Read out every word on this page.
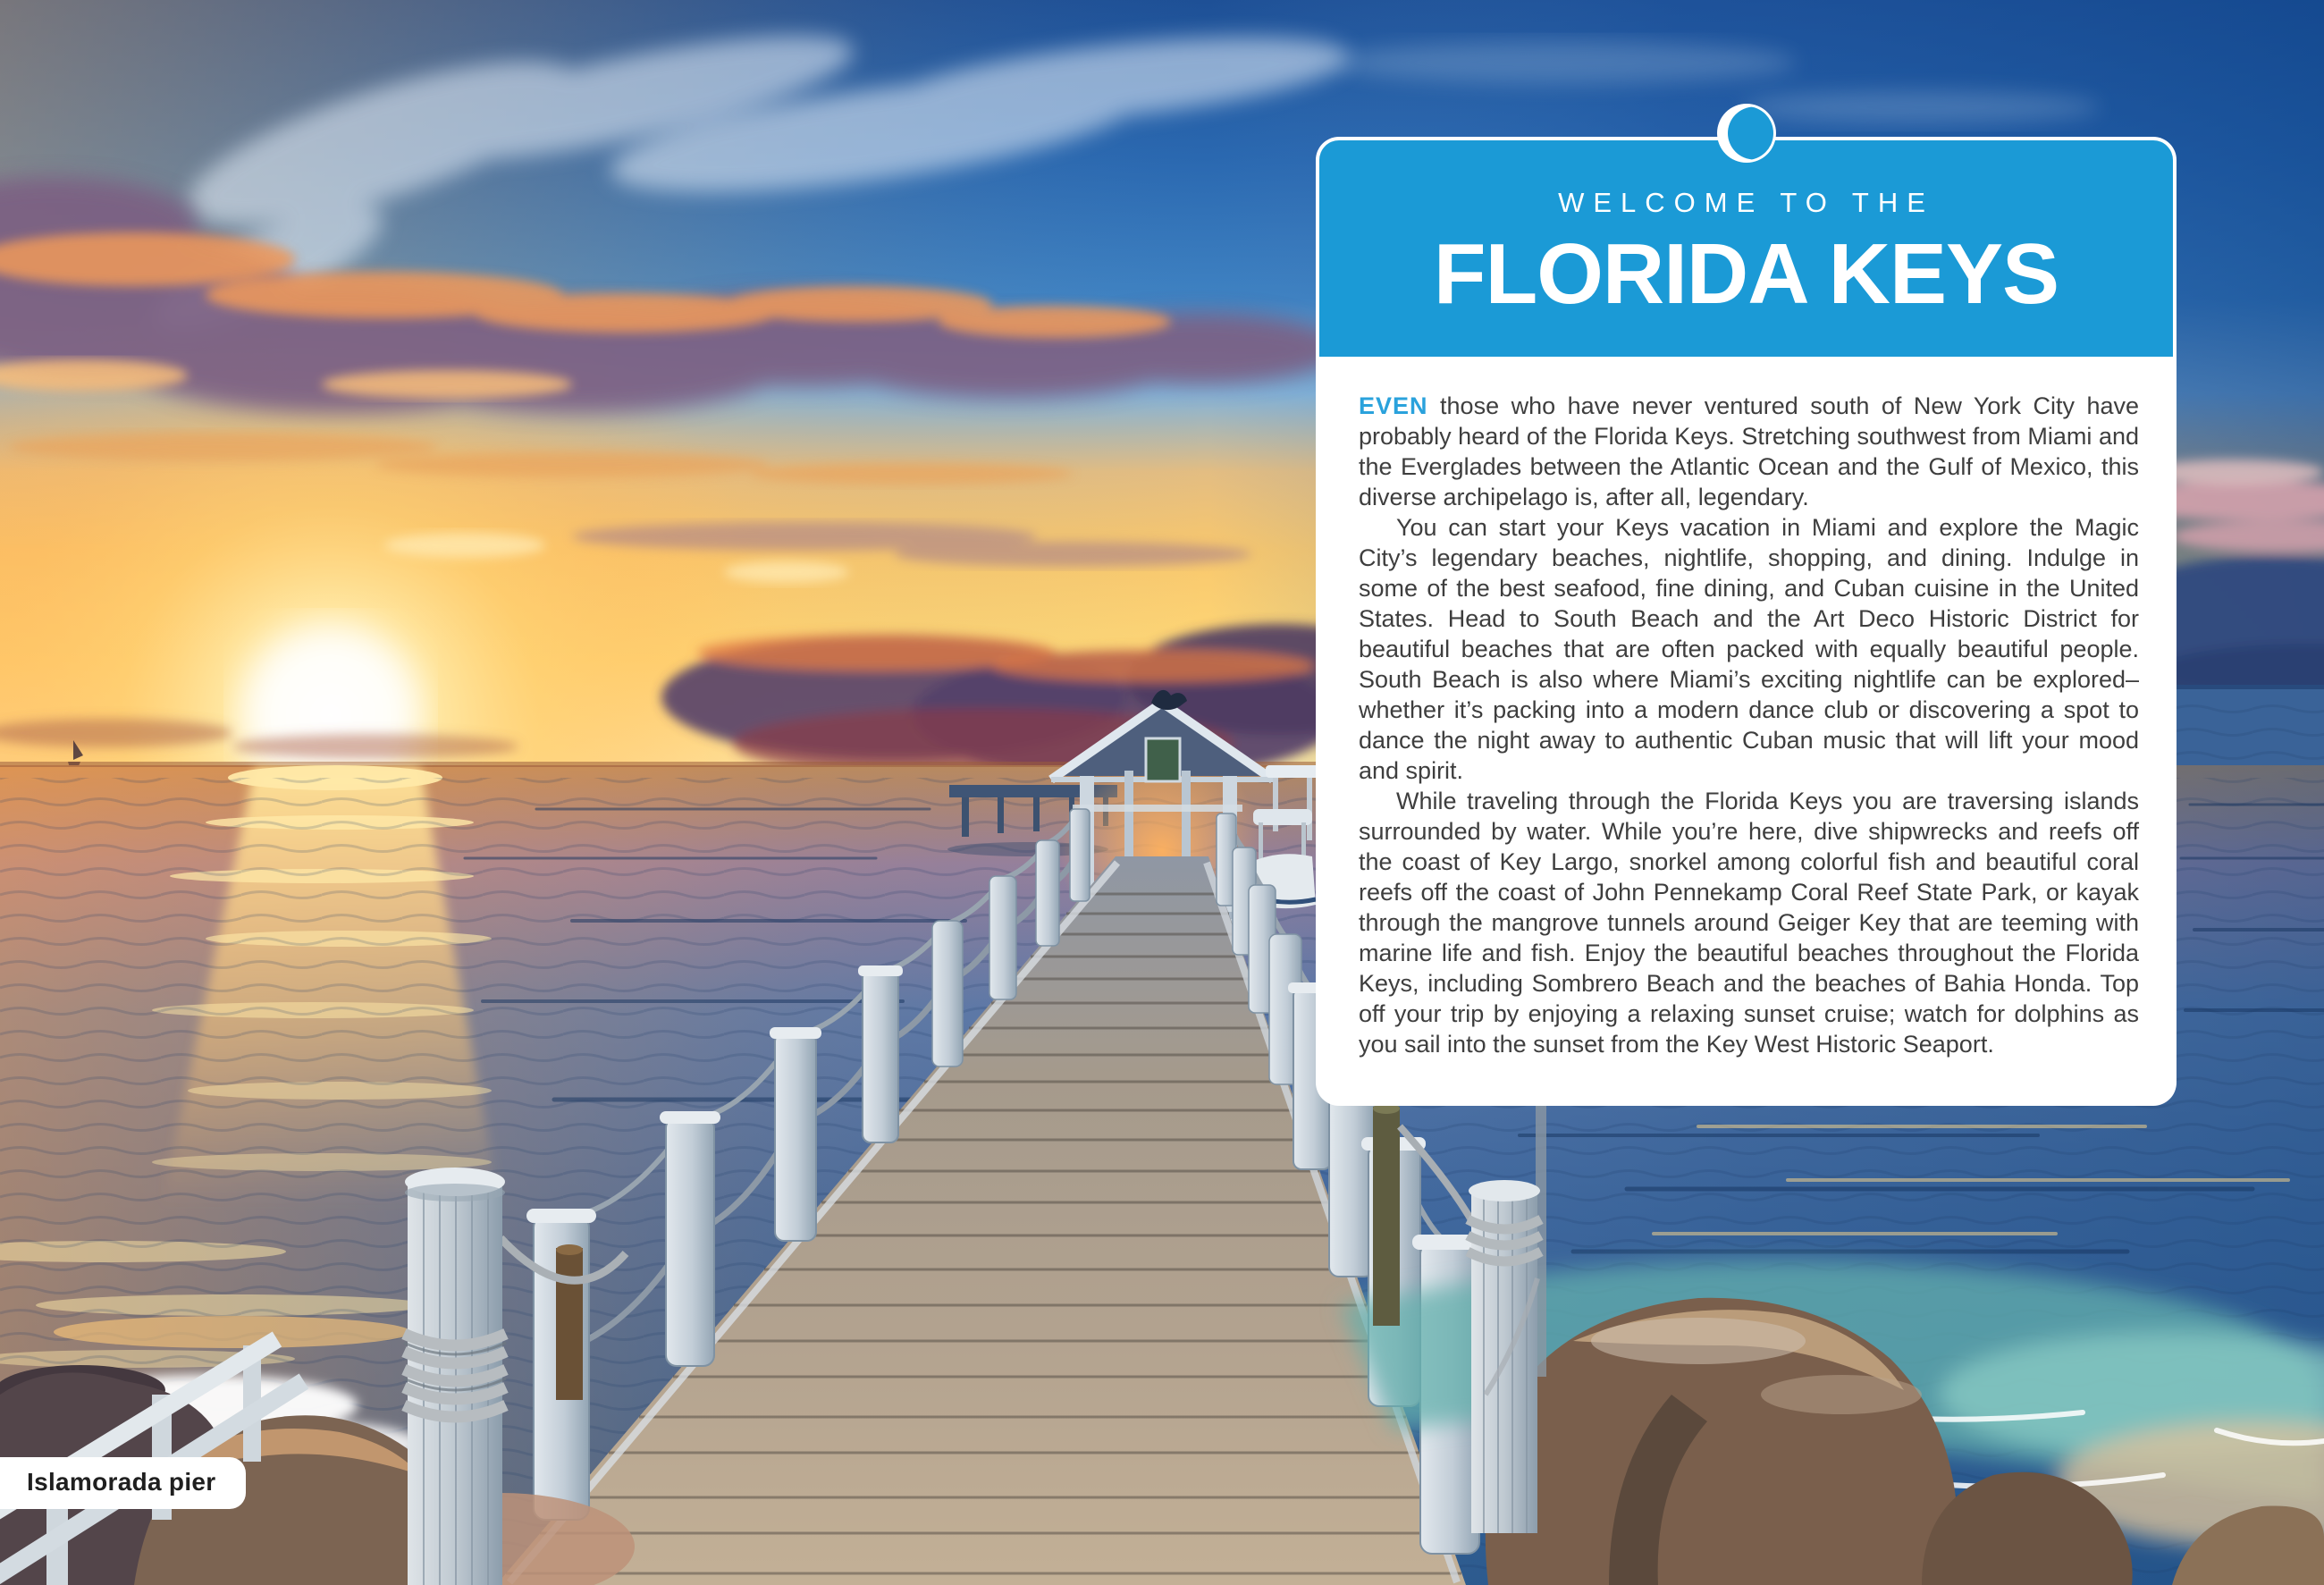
Islamorada pier
WELCOME TO THE
FLORIDA KEYS

EVEN those who have never ventured south of New York City have probably heard of the Florida Keys. Stretching southwest from Miami and the Everglades between the Atlantic Ocean and the Gulf of Mexico, this diverse archipelago is, after all, legendary.

You can start your Keys vacation in Miami and explore the Magic City’s legendary beaches, nightlife, shopping, and dining. Indulge in some of the best seafood, fine dining, and Cuban cuisine in the United States. Head to South Beach and the Art Deco Historic District for beautiful beaches that are often packed with equally beautiful people. South Beach is also where Miami’s exciting nightlife can be explored–whether it’s packing into a modern dance club or discovering a spot to dance the night away to authentic Cuban music that will lift your mood and spirit.

While traveling through the Florida Keys you are traversing islands surrounded by water. While you’re here, dive shipwrecks and reefs off the coast of Key Largo, snorkel among colorful fish and beautiful coral reefs off the coast of John Pennekamp Coral Reef State Park, or kayak through the mangrove tunnels around Geiger Key that are teeming with marine life and fish. Enjoy the beautiful beaches throughout the Florida Keys, including Sombrero Beach and the beaches of Bahia Honda. Top off your trip by enjoying a relaxing sunset cruise; watch for dolphins as you sail into the sunset from the Key West Historic Seaport.
